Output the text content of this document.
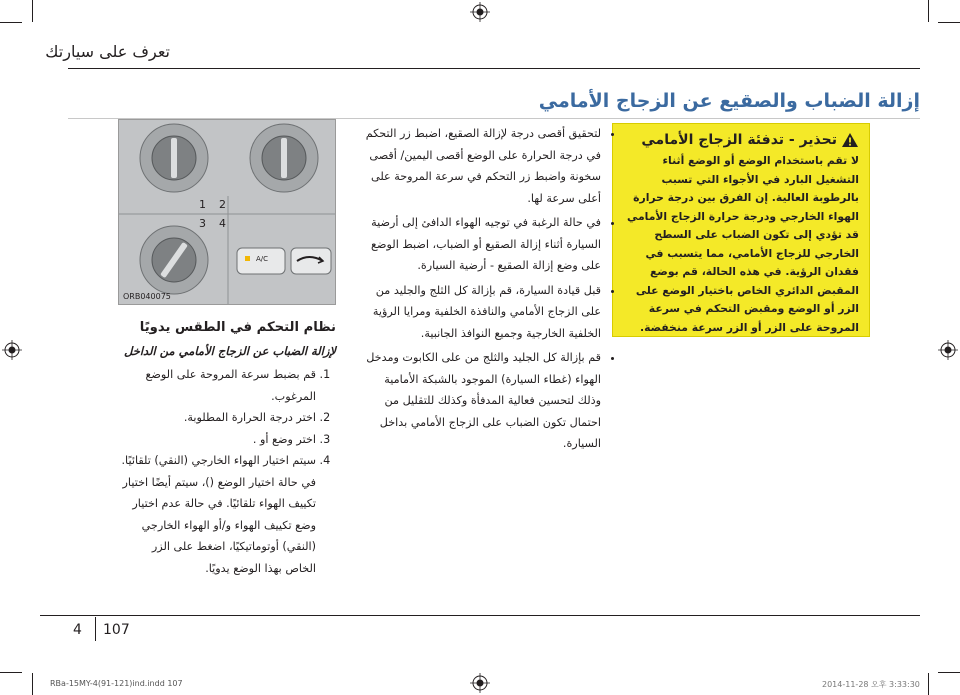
تعرف على سيارتك
إزالة الضباب والصقيع عن الزجاج الأمامي
تحذير - تدفئة الزجاج الأمامي
لا تقم باستخدام الوضع أو الوضع أثناء التشغيل البارد في الأجواء التي تسبب بالرطوبة العالية. إن الفرق بين درجة حرارة الهواء الخارجي ودرجة حرارة الزجاج الأمامي قد تؤدي إلى تكون الضباب على السطح الخارجي للزجاج الأمامي، مما يتسبب في فقدان الرؤية. في هذه الحالة، قم بوضع المقبض الدائري الخاص باختيار الوضع على الزر أو الوضع ومقبض التحكم في سرعة المروحة على الزر أو الزر سرعة منخفضة.
• لتحقيق أقصى درجة لإزالة الصقيع، اضبط زر التحكم في درجة الحرارة على الوضع أقصى اليمين/ أقصى سخونة واضبط زر التحكم في سرعة المروحة على أعلى سرعة لها.
• في حالة الرغبة في توجيه الهواء الدافئ إلى أرضية السيارة أثناء إزالة الصقيع أو الضباب، اضبط الوضع على وضع إزالة الصقيع - أرضية السيارة.
• قبل قيادة السيارة، قم بإزالة كل الثلج والجليد من على الزجاج الأمامي والنافذة الخلفية ومرايا الرؤية الخلفية الخارجية وجميع النوافذ الجانبية.
• قم بإزالة كل الجليد والثلج من على الكابوت ومدخل الهواء (غطاء السيارة) الموجود بالشبكة الأمامية وذلك لتحسين فعالية المدفأة وكذلك للتقليل من احتمال تكون الضباب على الزجاج الأمامي بداخل السيارة.
1 2
3 4
A/C
ORB040075
نظام التحكم في الطقس يدويًا
لإزالة الضباب عن الزجاج الأمامي من الداخل
1. قم بضبط سرعة المروحة على الوضع المرغوب.
2. اختر درجة الحرارة المطلوبة.
3. اختر وضع أو .
4. سيتم اختيار الهواء الخارجي (النقي) تلقائيًا. في حالة اختيار الوضع ()، سيتم أيضًا اختيار تكييف الهواء تلقائيًا. في حالة عدم اختيار وضع تكييف الهواء و/أو الهواء الخارجي (النقي) أوتوماتيكيًا، اضغط على الزر الخاص بهذا الوضع يدويًا.
4 107
RBa-15MY-4(91-121)ind.indd 107	2014-11-28 오후 3:33:30
